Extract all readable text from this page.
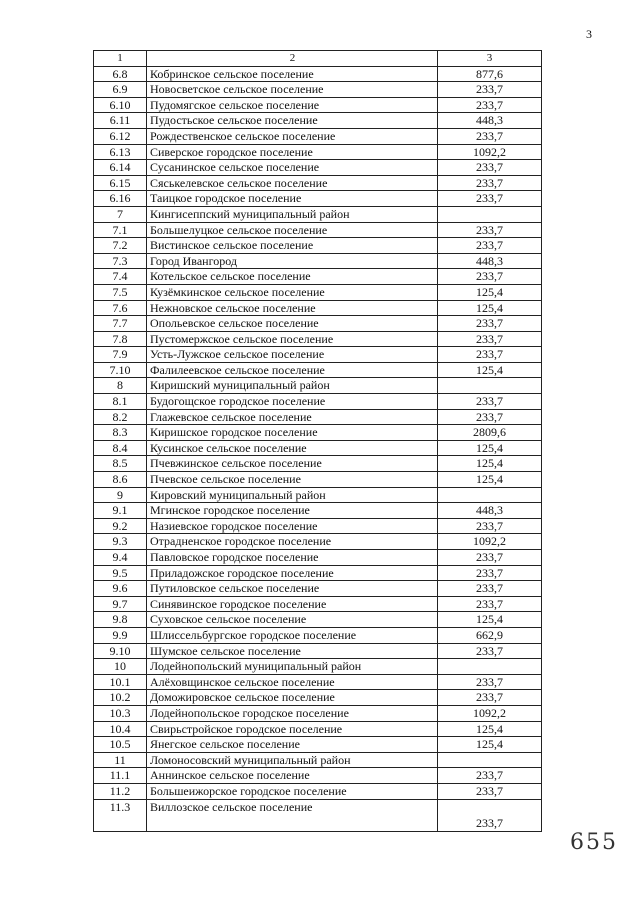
3
1	2	3
6.8	Кобринское сельское поселение	877,6
6.9	Новосветское сельское поселение	233,7
6.10	Пудомягское сельское поселение	233,7
6.11	Пудостьское сельское поселение	448,3
6.12	Рождественское сельское поселение	233,7
6.13	Сиверское городское поселение	1092,2
6.14	Сусанинское сельское поселение	233,7
6.15	Сяськелевское сельское поселение	233,7
6.16	Таицкое городское поселение	233,7
7	Кингисеппский муниципальный район	
7.1	Большелуцкое сельское поселение	233,7
7.2	Вистинское сельское поселение	233,7
7.3	Город Ивангород	448,3
7.4	Котельское сельское поселение	233,7
7.5	Кузёмкинское сельское поселение	125,4
7.6	Нежновское сельское поселение	125,4
7.7	Опольевское сельское поселение	233,7
7.8	Пустомержское сельское поселение	233,7
7.9	Усть-Лужское сельское поселение	233,7
7.10	Фалилеевское сельское поселение	125,4
8	Киришский муниципальный район	
8.1	Будогощское городское поселение	233,7
8.2	Глажевское сельское поселение	233,7
8.3	Киришское городское поселение	2809,6
8.4	Кусинское сельское поселение	125,4
8.5	Пчевжинское сельское поселение	125,4
8.6	Пчевское сельское поселение	125,4
9	Кировский муниципальный район	
9.1	Мгинское городское поселение	448,3
9.2	Назиевское городское поселение	233,7
9.3	Отрадненское городское поселение	1092,2
9.4	Павловское городское поселение	233,7
9.5	Приладожское городское поселение	233,7
9.6	Путиловское сельское поселение	233,7
9.7	Синявинское городское поселение	233,7
9.8	Суховское сельское поселение	125,4
9.9	Шлиссельбургское городское поселение	662,9
9.10	Шумское сельское поселение	233,7
10	Лодейнопольский муниципальный район	
10.1	Алёховщинское сельское поселение	233,7
10.2	Доможировское сельское поселение	233,7
10.3	Лодейнопольское городское поселение	1092,2
10.4	Свирьстройское городское поселение	125,4
10.5	Янегское сельское поселение	125,4
11	Ломоносовский муниципальный район	
11.1	Аннинское сельское поселение	233,7
11.2	Большеижорское городское поселение	233,7
11.3	Виллозское сельское поселение	233,7
655
